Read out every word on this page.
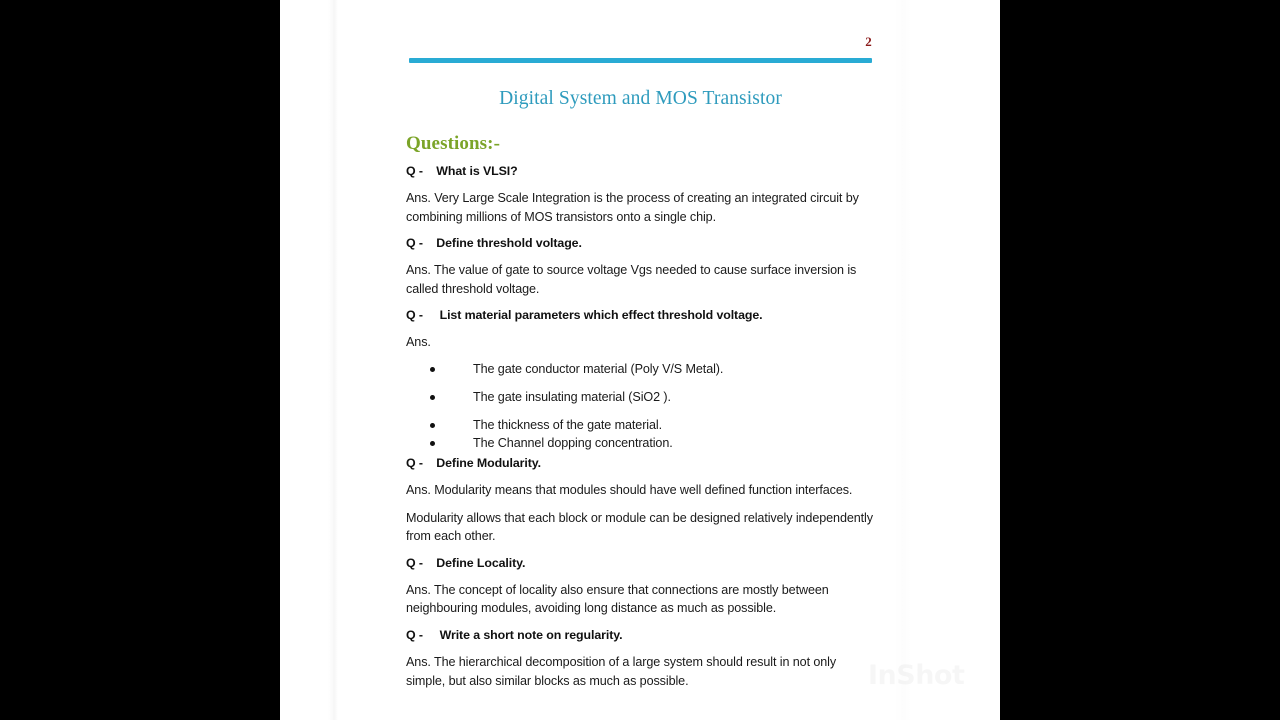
2
Digital System and MOS Transistor
Questions:-

Q -    What is VLSI?

Ans. Very Large Scale Integration is the process of creating an integrated circuit by combining millions of MOS transistors onto a single chip.

Q -    Define threshold voltage.

Ans. The value of gate to source voltage Vgs needed to cause surface inversion is called threshold voltage.

Q -     List material parameters which effect threshold voltage.

Ans.

The gate conductor material (Poly V/S Metal).
The gate insulating material (SiO2 ).
The thickness of the gate material.
The Channel dopping concentration.

Q -    Define Modularity.

Ans. Modularity means that modules should have well defined function interfaces.

Modularity allows that each block or module can be designed relatively independently from each other.

Q -    Define Locality.

Ans. The concept of locality also ensure that connections are mostly between neighbouring modules, avoiding long distance as much as possible.

Q -     Write a short note on regularity.

Ans. The hierarchical decomposition of a large system should result in not only simple, but also similar blocks as much as possible.
